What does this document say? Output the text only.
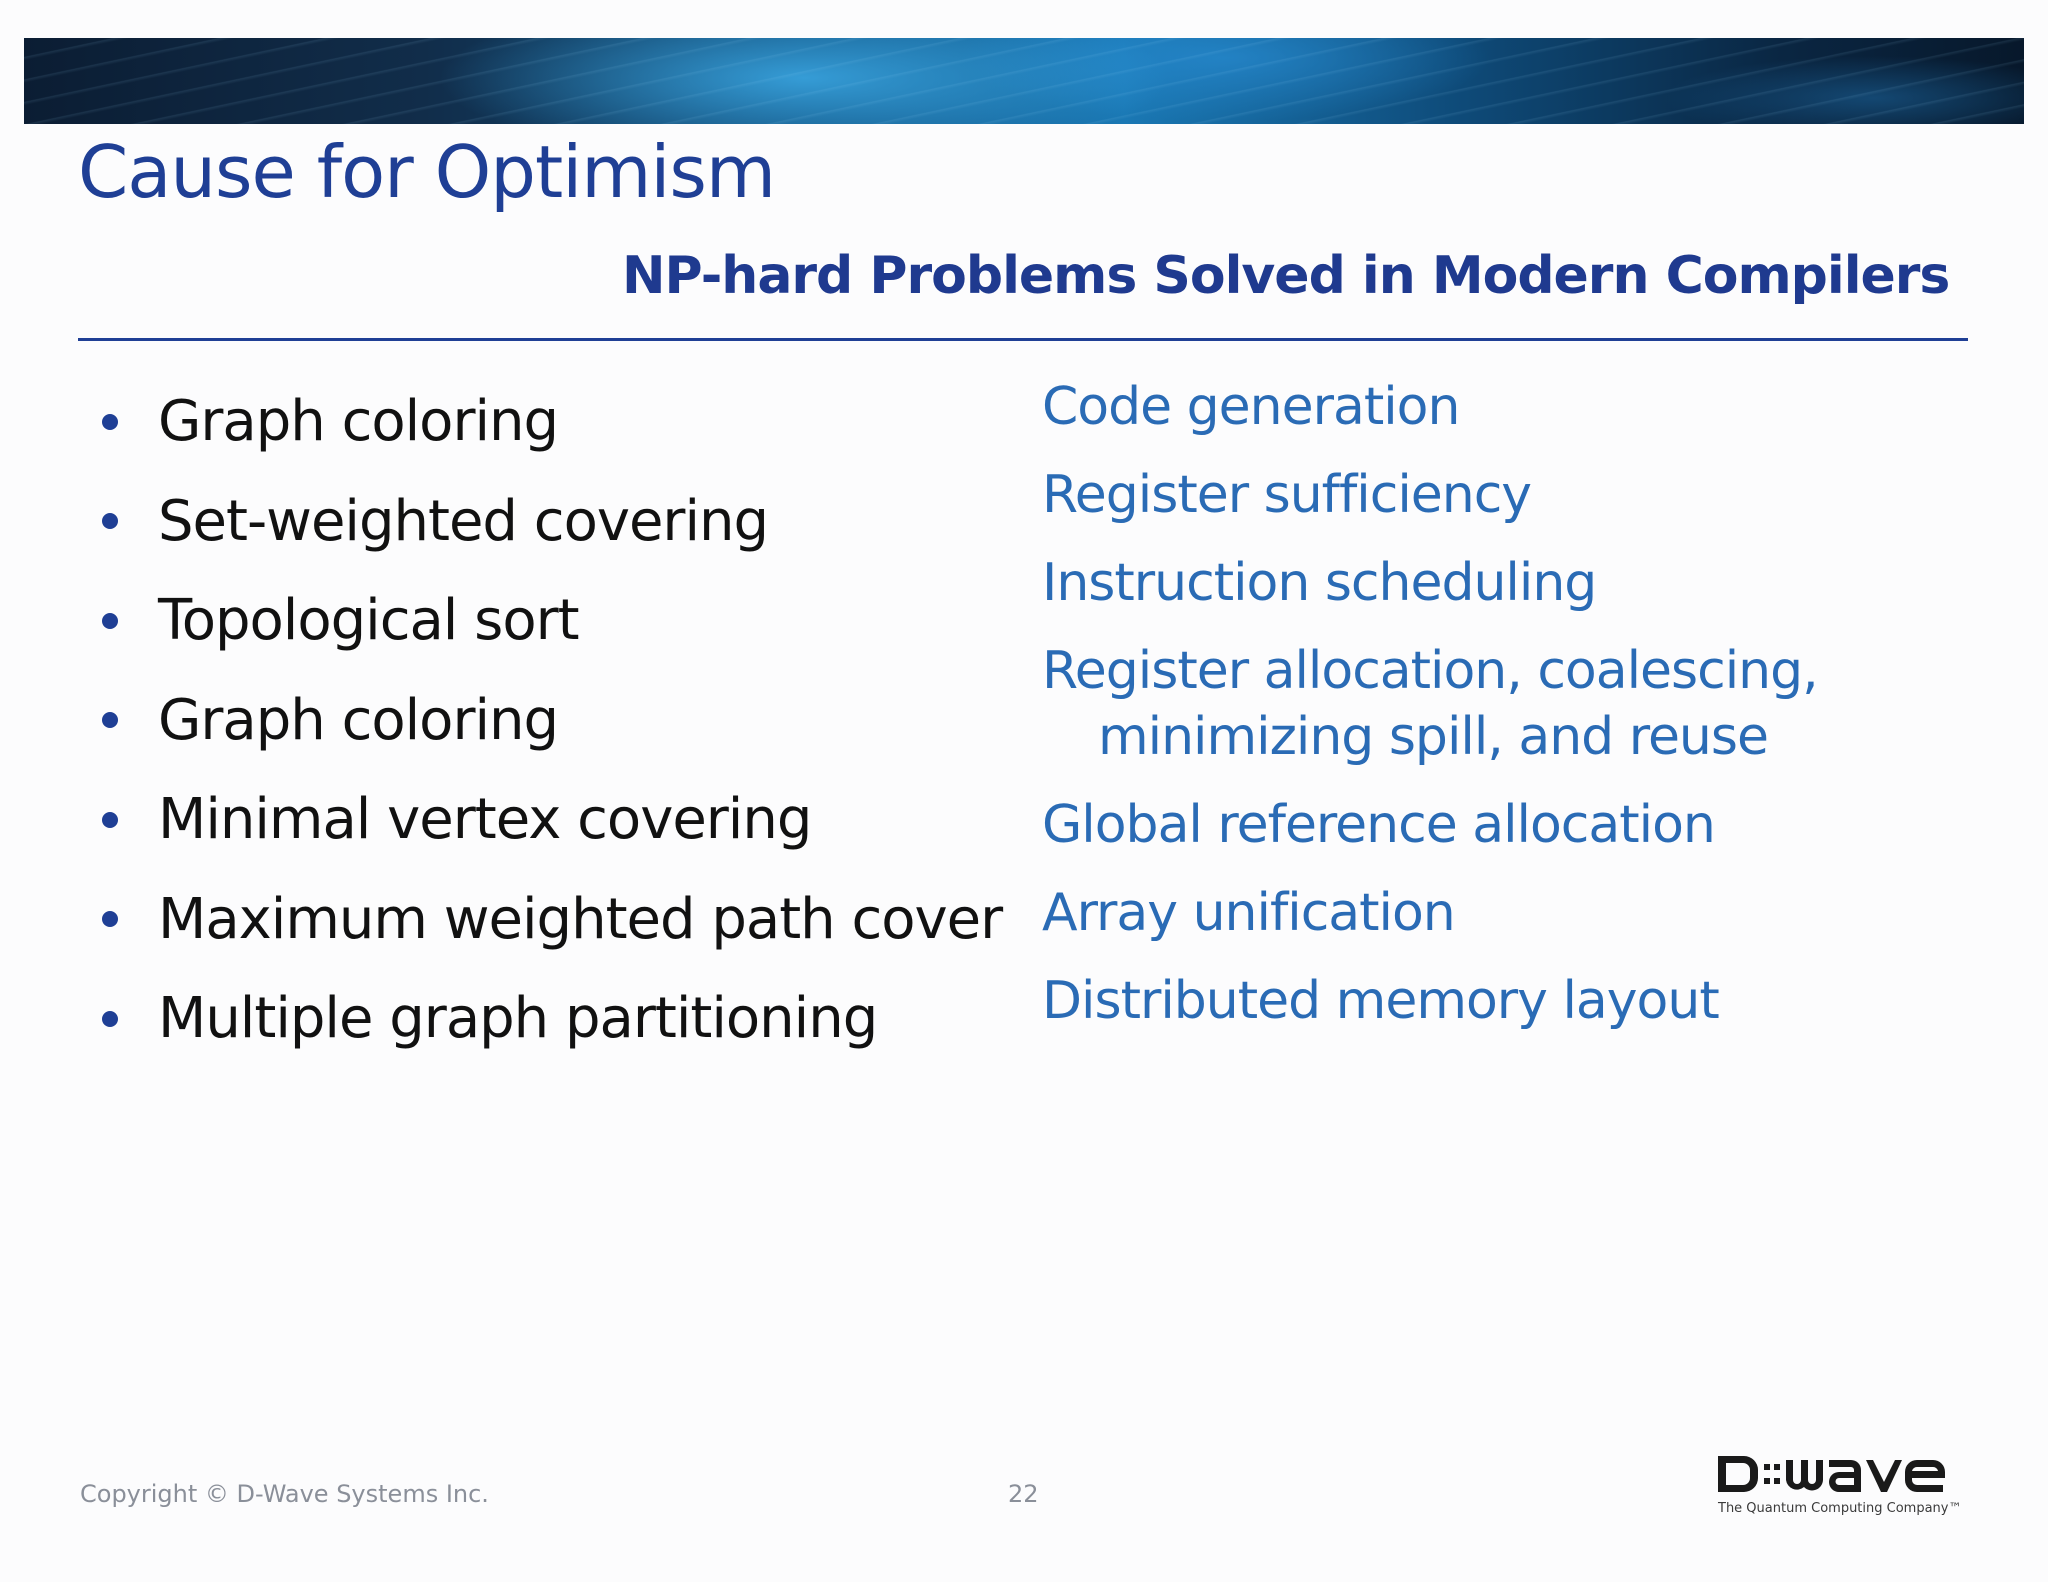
Cause for Optimism
NP-hard Problems Solved in Modern Compilers
Graph coloring
Set-weighted covering
Topological sort
Graph coloring
Minimal vertex covering
Maximum weighted path cover
Multiple graph partitioning
Code generation
Register sufficiency
Instruction scheduling
Register allocation, coalescing,
minimizing spill, and reuse
Global reference allocation
Array unification
Distributed memory layout
Copyright © D-Wave Systems Inc.	22
The Quantum Computing Company™
